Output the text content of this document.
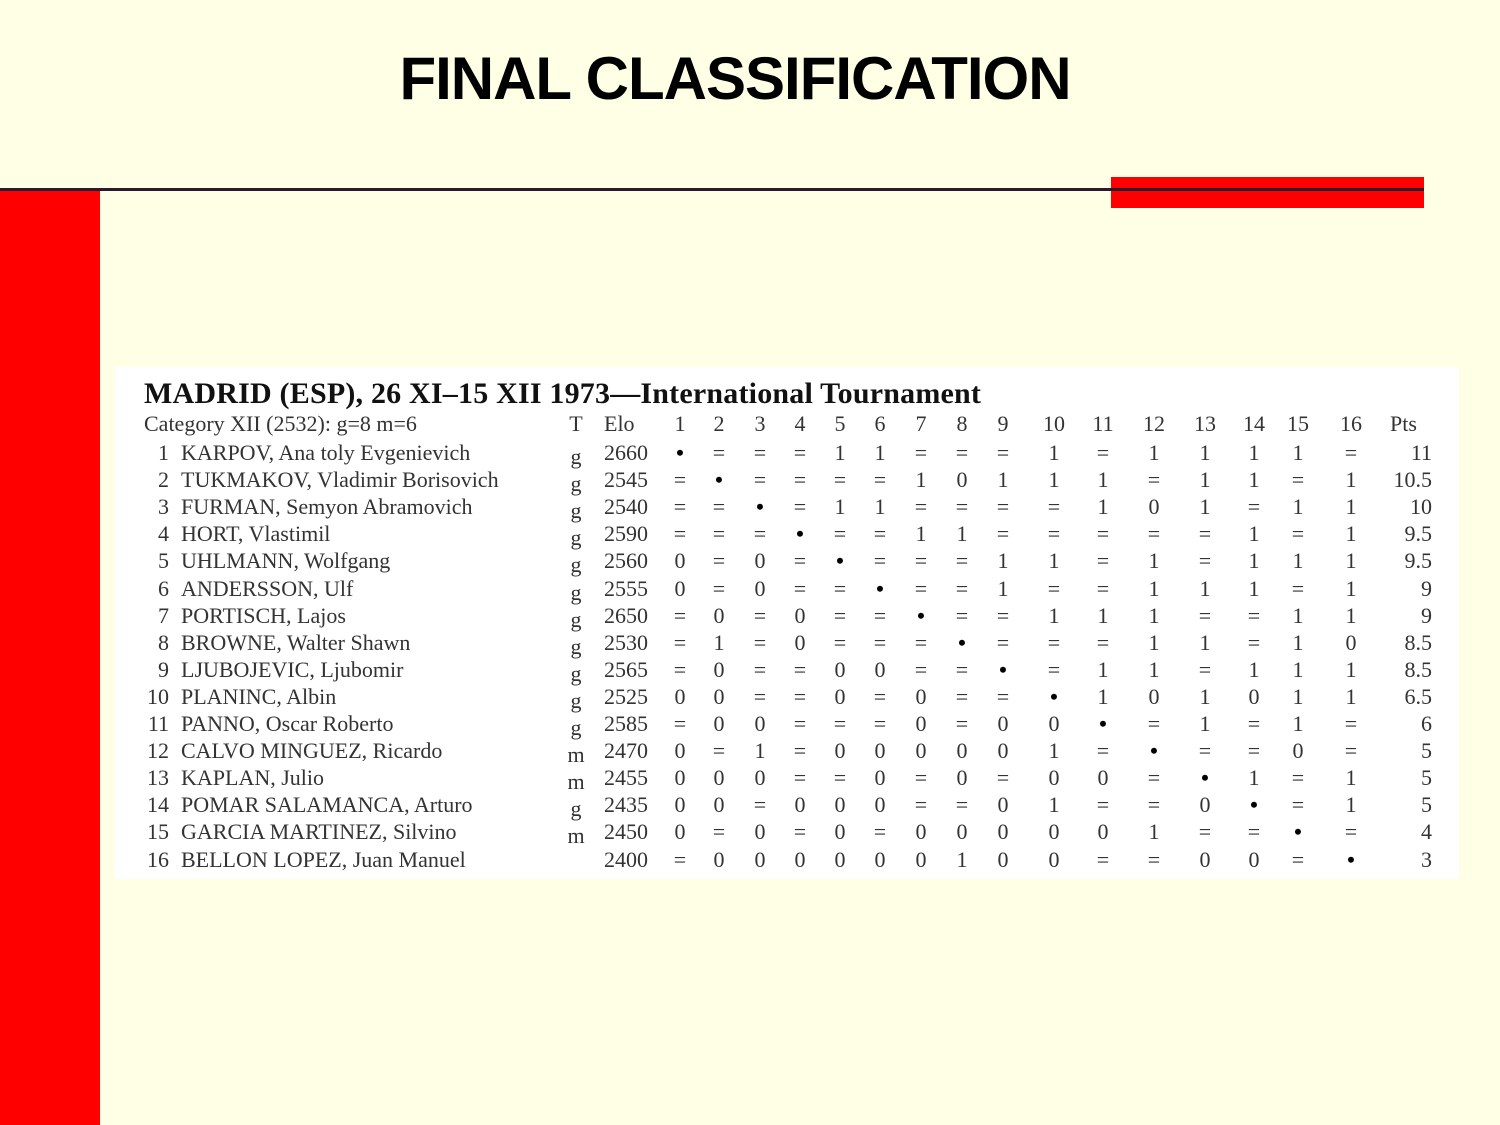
FINAL CLASSIFICATION
MADRID (ESP), 26 XI–15 XII 1973—International Tournament
Category XII (2532): g=8 m=6	T Elo	Pts
1	2	3	4	5	6	7	8	9	10 11 12 13 14 15 16
1 KARPOV, Ana toly Evgenievich	g	2660	•	=	=	=	1	1	=	=	=	1	=	1	1	1	1	=	11
2 TUKMAKOV, Vladimir Borisovich	g	2545	=	•	=	=	=	=	1	0	1	1	1	=	1	1	=	1	10.5
3 FURMAN, Semyon Abramovich	g	2540	=	=	•	=	1	1	=	=	=	=	1	0	1	=	1	1	10
4 HORT, Vlastimil	g	2590	=	=	=	•	=	=	1	1	=	=	=	=	=	1	=	1	9.5
5 UHLMANN, Wolfgang	g	2560	0	=	0	=	•	=	=	=	1	1	=	1	=	1	1	1	9.5
6 ANDERSSON, Ulf	g	2555	0	=	0	=	=	•	=	=	1	=	=	1	1	1	=	1	9
7 PORTISCH, Lajos	g	2650	=	0	=	0	=	=	•	=	=	1	1	1	=	=	1	1	9
8 BROWNE, Walter Shawn	g	2530	=	1	=	0	=	=	=	•	=	=	=	1	1	=	1	0	8.5
9 LJUBOJEVIC, Ljubomir	g	2565	=	0	=	=	0	0	=	=	•	=	1	1	=	1	1	1	8.5
10 PLANINC, Albin	g	2525	0	0	=	=	0	=	0	=	=	•	1	0	1	0	1	1	6.5
11 PANNO, Oscar Roberto	g	2585	=	0	0	=	=	=	0	=	0	0	•	=	1	=	1	=	6
12 CALVO MINGUEZ, Ricardo	m 2470	0	=	1	=	0	0	0	0	0	1	=	•	=	=	0	=	5
13 KAPLAN, Julio	m 2455	0	0	0	=	=	0	=	0	=	0	0	=	•	1	=	1	5
14 POMAR SALAMANCA, Arturo	g	2435	0	0	=	0	0	0	=	=	0	1	=	=	0	•	=	1	5
15 GARCIA MARTINEZ, Silvino	m 2450	0	=	0	=	0	=	0	0	0	0	0	1	=	=	•	=	4
16 BELLON LOPEZ, Juan Manuel	2400	=	0	0	0	0	0	0	1	0	0	=	=	0	0	=	•	3
